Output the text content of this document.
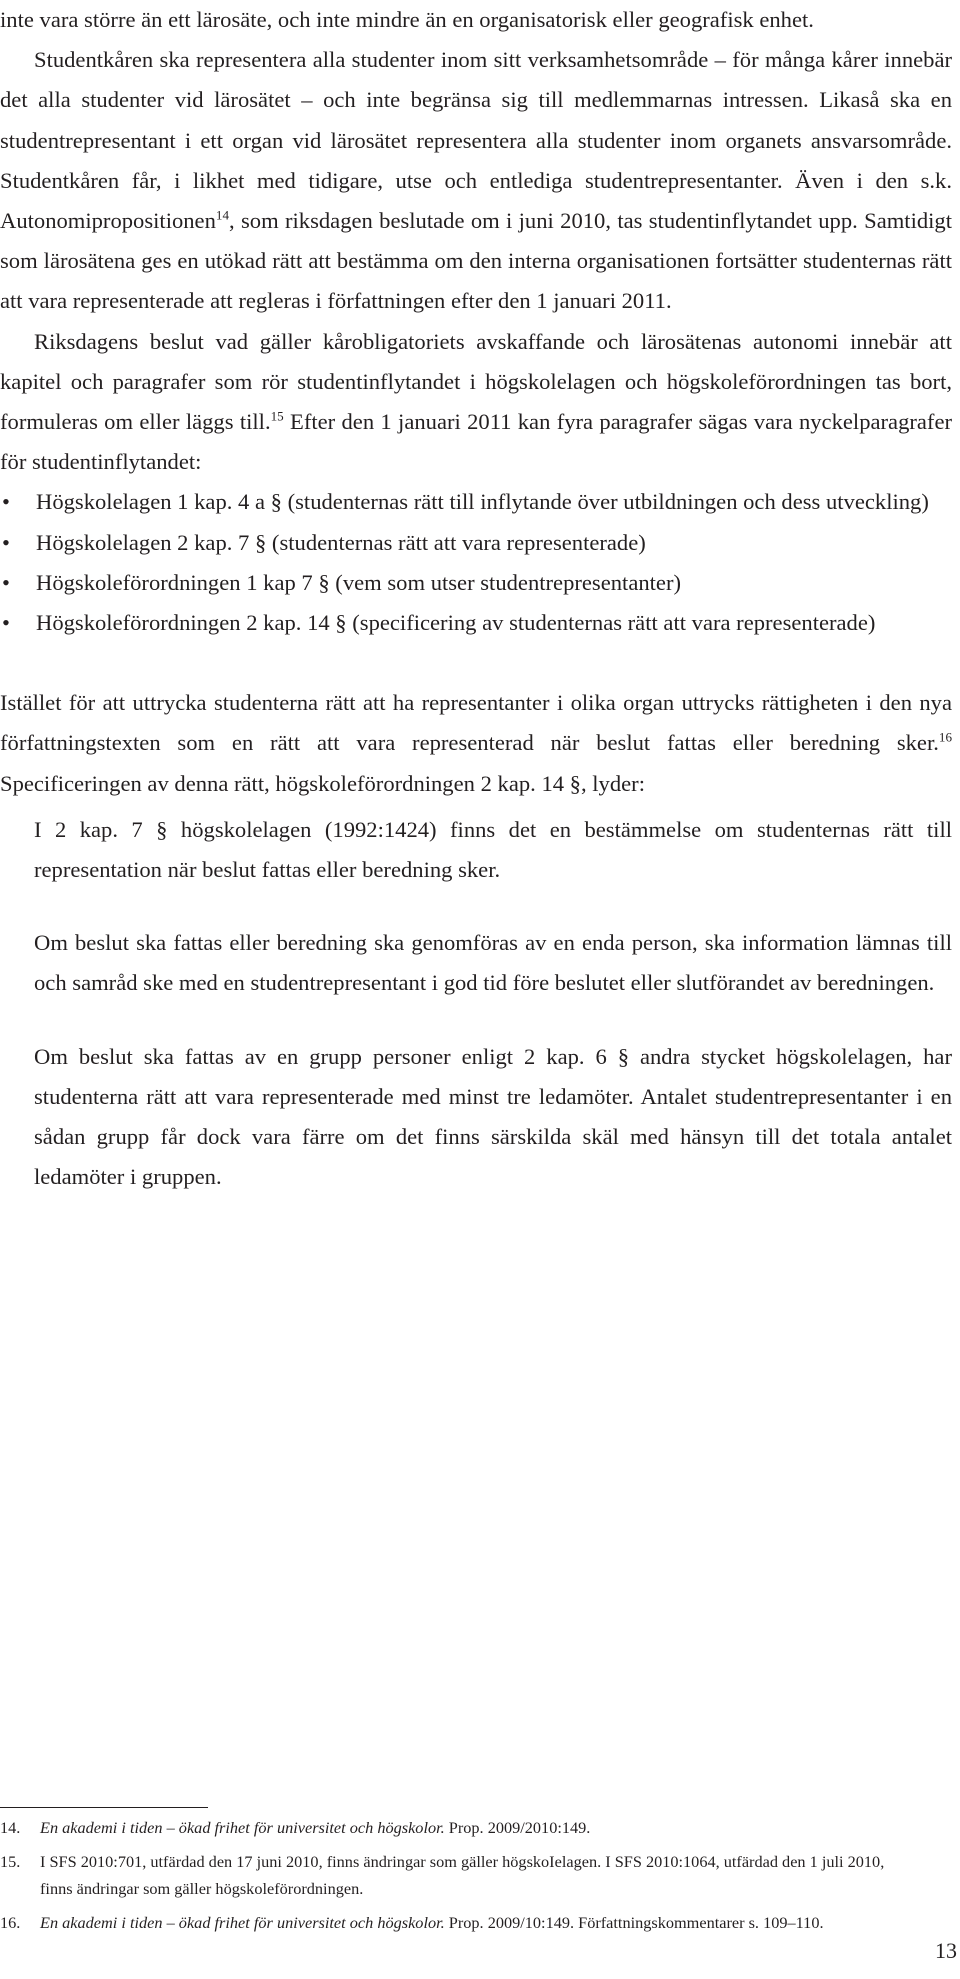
inte vara större än ett lärosäte, och inte mindre än en organisatorisk eller geografisk enhet.

Studentkåren ska representera alla studenter inom sitt verksamhetsområde – för många kårer innebär det alla studenter vid lärosätet – och inte begränsa sig till medlemmarnas intressen. Likaså ska en studentrepresentant i ett organ vid lärosätet representera alla studenter inom organets ansvarsområde. Studentkåren får, i likhet med tidigare, utse och entlediga studentrepresentanter. Även i den s.k. Autonomipropositionen$^{14}$, som riksdagen beslutade om i juni 2010, tas studentinflytandet upp. Samtidigt som lärosätena ges en utökad rätt att bestämma om den interna organisationen fortsätter studenternas rätt att vara representerade att regleras i författningen efter den 1 januari 2011.

Riksdagens beslut vad gäller kårobligatoriets avskaffande och lärosätenas autonomi innebär att kapitel och paragrafer som rör studentinflytandet i högskolelagen och högskoleförordningen tas bort, formuleras om eller läggs till.$^{15}$ Efter den 1 januari 2011 kan fyra paragrafer sägas vara nyckelparagrafer för studentinflytandet:

• Högskolelagen 1 kap. 4 a § (studenternas rätt till inflytande över utbildningen och dess utveckling)
• Högskolelagen 2 kap. 7 § (studenternas rätt att vara representerade)
• Högskoleförordningen 1 kap 7 § (vem som utser studentrepresentanter)
• Högskoleförordningen 2 kap. 14 § (specificering av studenternas rätt att vara representerade)

Istället för att uttrycka studenterna rätt att ha representanter i olika organ uttrycks rättigheten i den nya författningstexten som en rätt att vara representerad när beslut fattas eller beredning sker.$^{16}$ Specificeringen av denna rätt, högskoleförordningen 2 kap. 14 §, lyder:

I 2 kap. 7 § högskolelagen (1992:1424) finns det en bestämmelse om studenternas rätt till representation när beslut fattas eller beredning sker.

Om beslut ska fattas eller beredning ska genomföras av en enda person, ska information lämnas till och samråd ske med en studentrepresentant i god tid före beslutet eller slutförandet av beredningen.

Om beslut ska fattas av en grupp personer enligt 2 kap. 6 § andra stycket högskolelagen, har studenterna rätt att vara representerade med minst tre ledamöter. Antalet studentrepresentanter i en sådan grupp får dock vara färre om det finns särskilda skäl med hänsyn till det totala antalet ledamöter i gruppen.

14. En akademi i tiden – ökad frihet för universitet och högskolor. Prop. 2009/2010:149.
15. I SFS 2010:701, utfärdad den 17 juni 2010, finns ändringar som gäller högskoIelagen. I SFS 2010:1064, utfärdad den 1 juli 2010, finns ändringar som gäller högskoleförordningen.
16. En akademi i tiden – ökad frihet för universitet och högskolor. Prop. 2009/10:149. Författningskommentarer s. 109–110.
13
